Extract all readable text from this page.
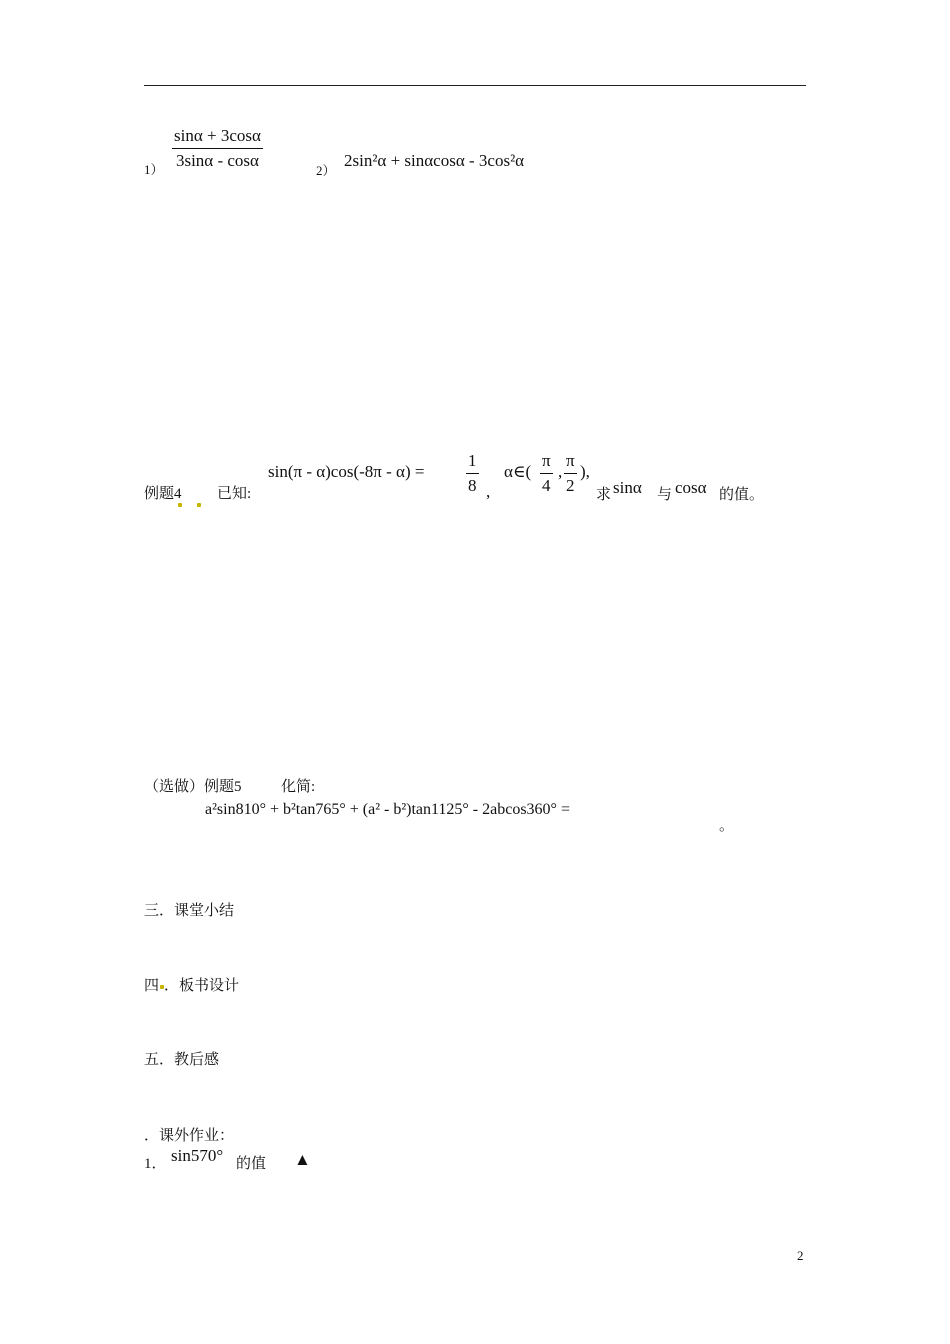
$1) \frac{\sin\alpha + 3\cos\alpha}{3\sin\alpha - \cos\alpha}$	2）
2sin²α + sinαcosα - 3cos²α
例题4 已知:
$\sin(\pi - \alpha)\cos(-8\pi - \alpha) = \frac{1}{8}$ ,
α∈( $\frac{\pi}{4}$ , $\frac{\pi}{2}$ ),
求 sinα 与 cosα 的值。
（选做）例题5	化简:
a²sin810° + b²tan765° + (a² - b²)tan1125° - 2abcos360° =
。
三．课堂小结
四 ．板书设计
五．教后感
．课外作业：
1． sin570° 的值 ▲
2
